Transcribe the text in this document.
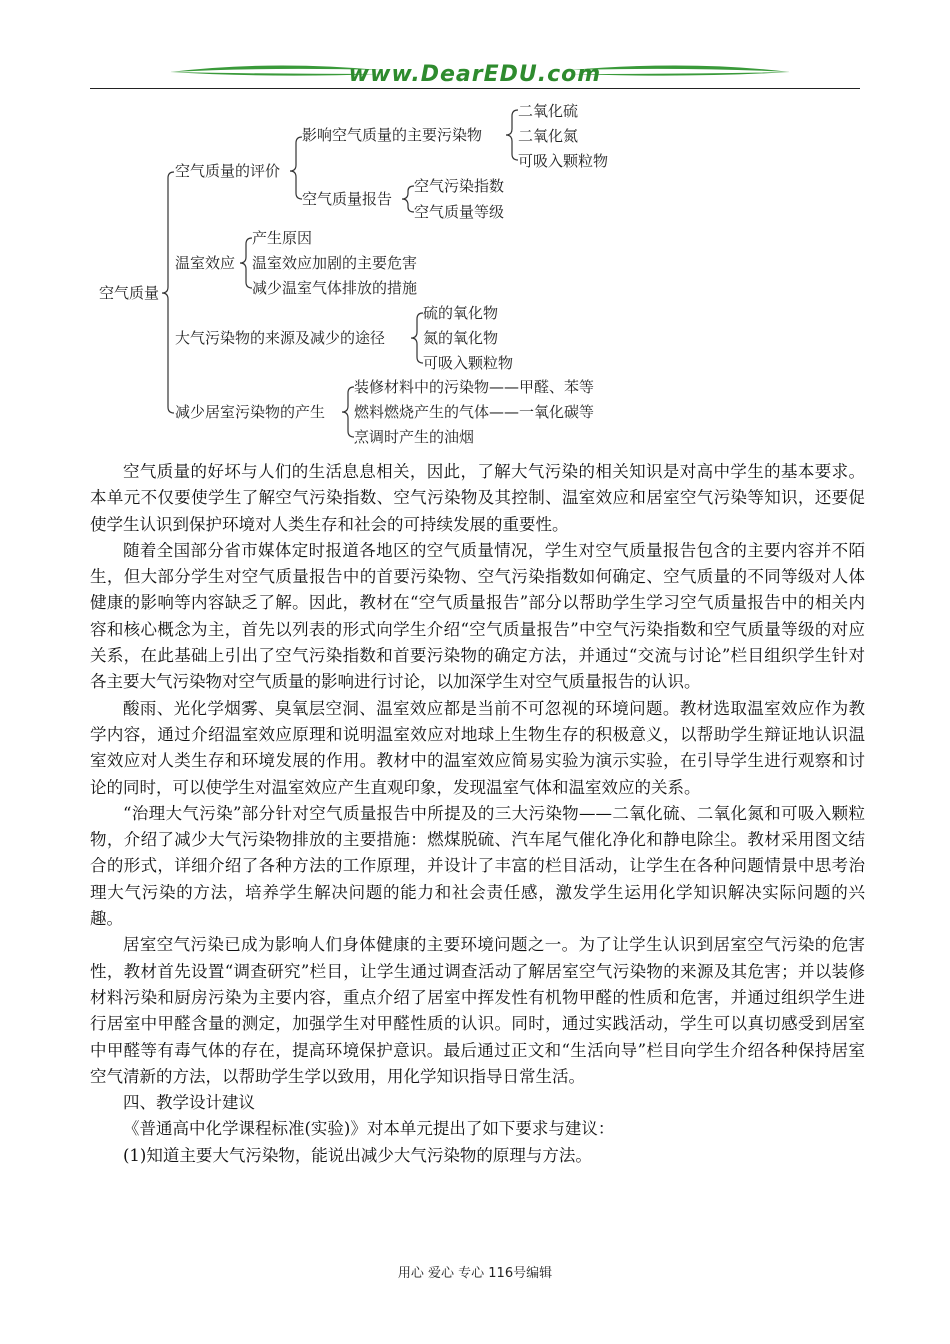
www.DearEDU.com
空气质量
空气质量的评价
影响空气质量的主要污染物
二氧化硫
二氧化氮
可吸入颗粒物
空气质量报告
空气污染指数
空气质量等级
温室效应
产生原因
温室效应加剧的主要危害
减少温室气体排放的措施
大气污染物的来源及减少的途径
硫的氧化物
氮的氧化物
可吸入颗粒物
减少居室污染物的产生
装修材料中的污染物——甲醛、苯等
燃料燃烧产生的气体——一氧化碳等
烹调时产生的油烟

空气质量的好坏与人们的生活息息相关，因此，了解大气污染的相关知识是对高中学生的基本要求。本单元不仅要使学生了解空气污染指数、空气污染物及其控制、温室效应和居室空气污染等知识，还要促使学生认识到保护环境对人类生存和社会的可持续发展的重要性。

随着全国部分省市媒体定时报道各地区的空气质量情况，学生对空气质量报告包含的主要内容并不陌生，但大部分学生对空气质量报告中的首要污染物、空气污染指数如何确定、空气质量的不同等级对人体健康的影响等内容缺乏了解。因此，教材在“空气质量报告”部分以帮助学生学习空气质量报告中的相关内容和核心概念为主，首先以列表的形式向学生介绍“空气质量报告”中空气污染指数和空气质量等级的对应关系，在此基础上引出了空气污染指数和首要污染物的确定方法，并通过“交流与讨论”栏目组织学生针对各主要大气污染物对空气质量的影响进行讨论，以加深学生对空气质量报告的认识。

酸雨、光化学烟雾、臭氧层空洞、温室效应都是当前不可忽视的环境问题。教材选取温室效应作为教学内容，通过介绍温室效应原理和说明温室效应对地球上生物生存的积极意义，以帮助学生辩证地认识温室效应对人类生存和环境发展的作用。教材中的温室效应简易实验为演示实验，在引导学生进行观察和讨论的同时，可以使学生对温室效应产生直观印象，发现温室气体和温室效应的关系。

“治理大气污染”部分针对空气质量报告中所提及的三大污染物——二氧化硫、二氧化氮和可吸入颗粒物，介绍了减少大气污染物排放的主要措施：燃煤脱硫、汽车尾气催化净化和静电除尘。教材采用图文结合的形式，详细介绍了各种方法的工作原理，并设计了丰富的栏目活动，让学生在各种问题情景中思考治理大气污染的方法，培养学生解决问题的能力和社会责任感，激发学生运用化学知识解决实际问题的兴趣。

居室空气污染已成为影响人们身体健康的主要环境问题之一。为了让学生认识到居室空气污染的危害性，教材首先设置“调查研究”栏目，让学生通过调查活动了解居室空气污染物的来源及其危害；并以装修材料污染和厨房污染为主要内容，重点介绍了居室中挥发性有机物甲醛的性质和危害，并通过组织学生进行居室中甲醛含量的测定，加强学生对甲醛性质的认识。同时，通过实践活动，学生可以真切感受到居室中甲醛等有毒气体的存在，提高环境保护意识。最后通过正文和“生活向导”栏目向学生介绍各种保持居室空气清新的方法，以帮助学生学以致用，用化学知识指导日常生活。

四、教学设计建议

《普通高中化学课程标准(实验)》对本单元提出了如下要求与建议：

(1)知道主要大气污染物，能说出减少大气污染物的原理与方法。

用心 爱心 专心 116号编辑
